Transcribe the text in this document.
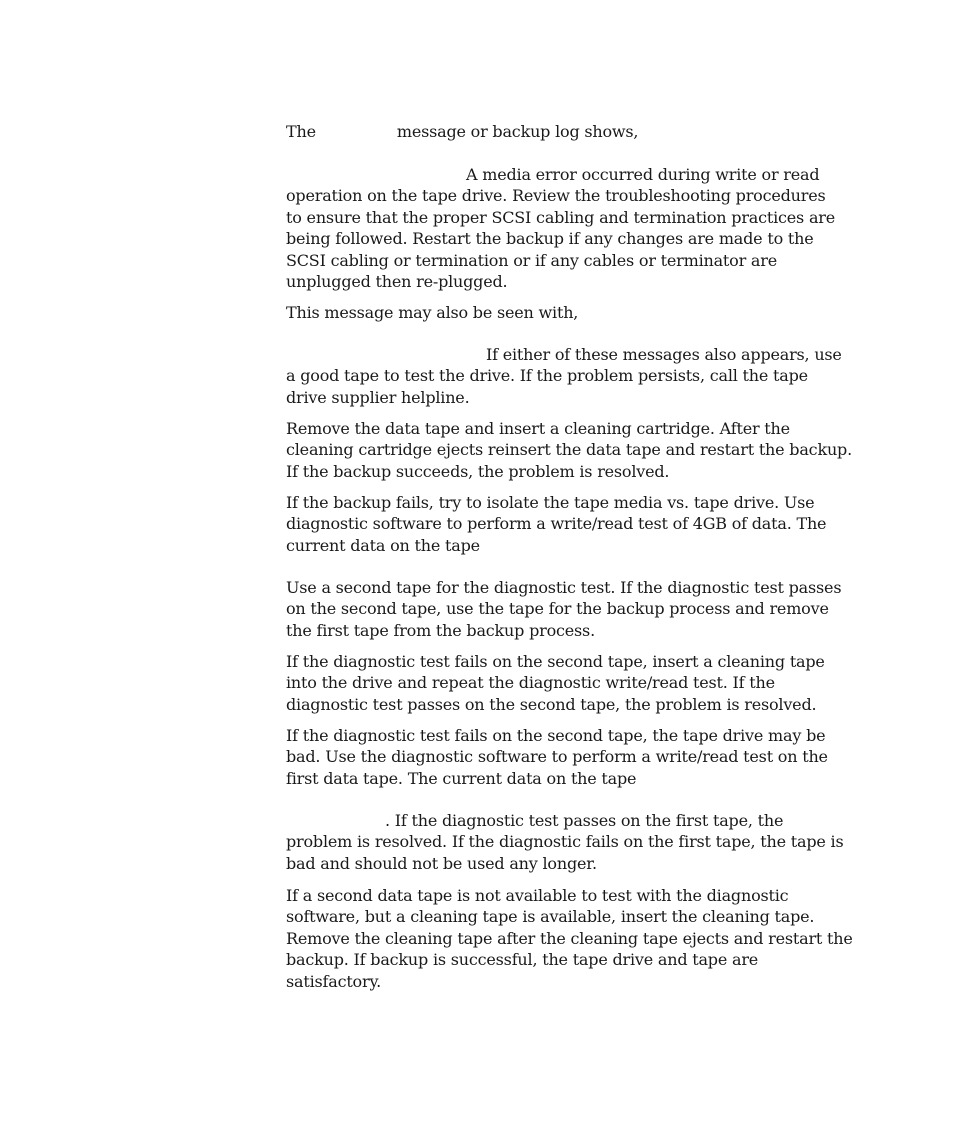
The	message or backup log shows,
A media error occurred during write or read
operation on the tape drive. Review the troubleshooting procedures
to ensure that the proper SCSI cabling and termination practices are
being followed. Restart the backup if any changes are made to the
SCSI cabling or termination or if any cables or terminator are
unplugged then re-plugged.
This message may also be seen with,
If either of these messages also appears, use
a good tape to test the drive. If the problem persists, call the tape
drive supplier helpline.
Remove the data tape and insert a cleaning cartridge. After the
cleaning cartridge ejects reinsert the data tape and restart the backup.
If the backup succeeds, the problem is resolved.
If the backup fails, try to isolate the tape media vs. tape drive. Use
diagnostic software to perform a write/read test of 4GB of data. The
current data on the tape
Use a second tape for the diagnostic test. If the diagnostic test passes
on the second tape, use the tape for the backup process and remove
the first tape from the backup process.
If the diagnostic test fails on the second tape, insert a cleaning tape
into the drive and repeat the diagnostic write/read test. If the
diagnostic test passes on the second tape, the problem is resolved.
If the diagnostic test fails on the second tape, the tape drive may be
bad. Use the diagnostic software to perform a write/read test on the
first data tape. The current data on the tape
. If the diagnostic test passes on the first tape, the
problem is resolved. If the diagnostic fails on the first tape, the tape is
bad and should not be used any longer.
If a second data tape is not available to test with the diagnostic
software, but a cleaning tape is available, insert the cleaning tape.
Remove the cleaning tape after the cleaning tape ejects and restart the
backup. If backup is successful, the tape drive and tape are
satisfactory.
